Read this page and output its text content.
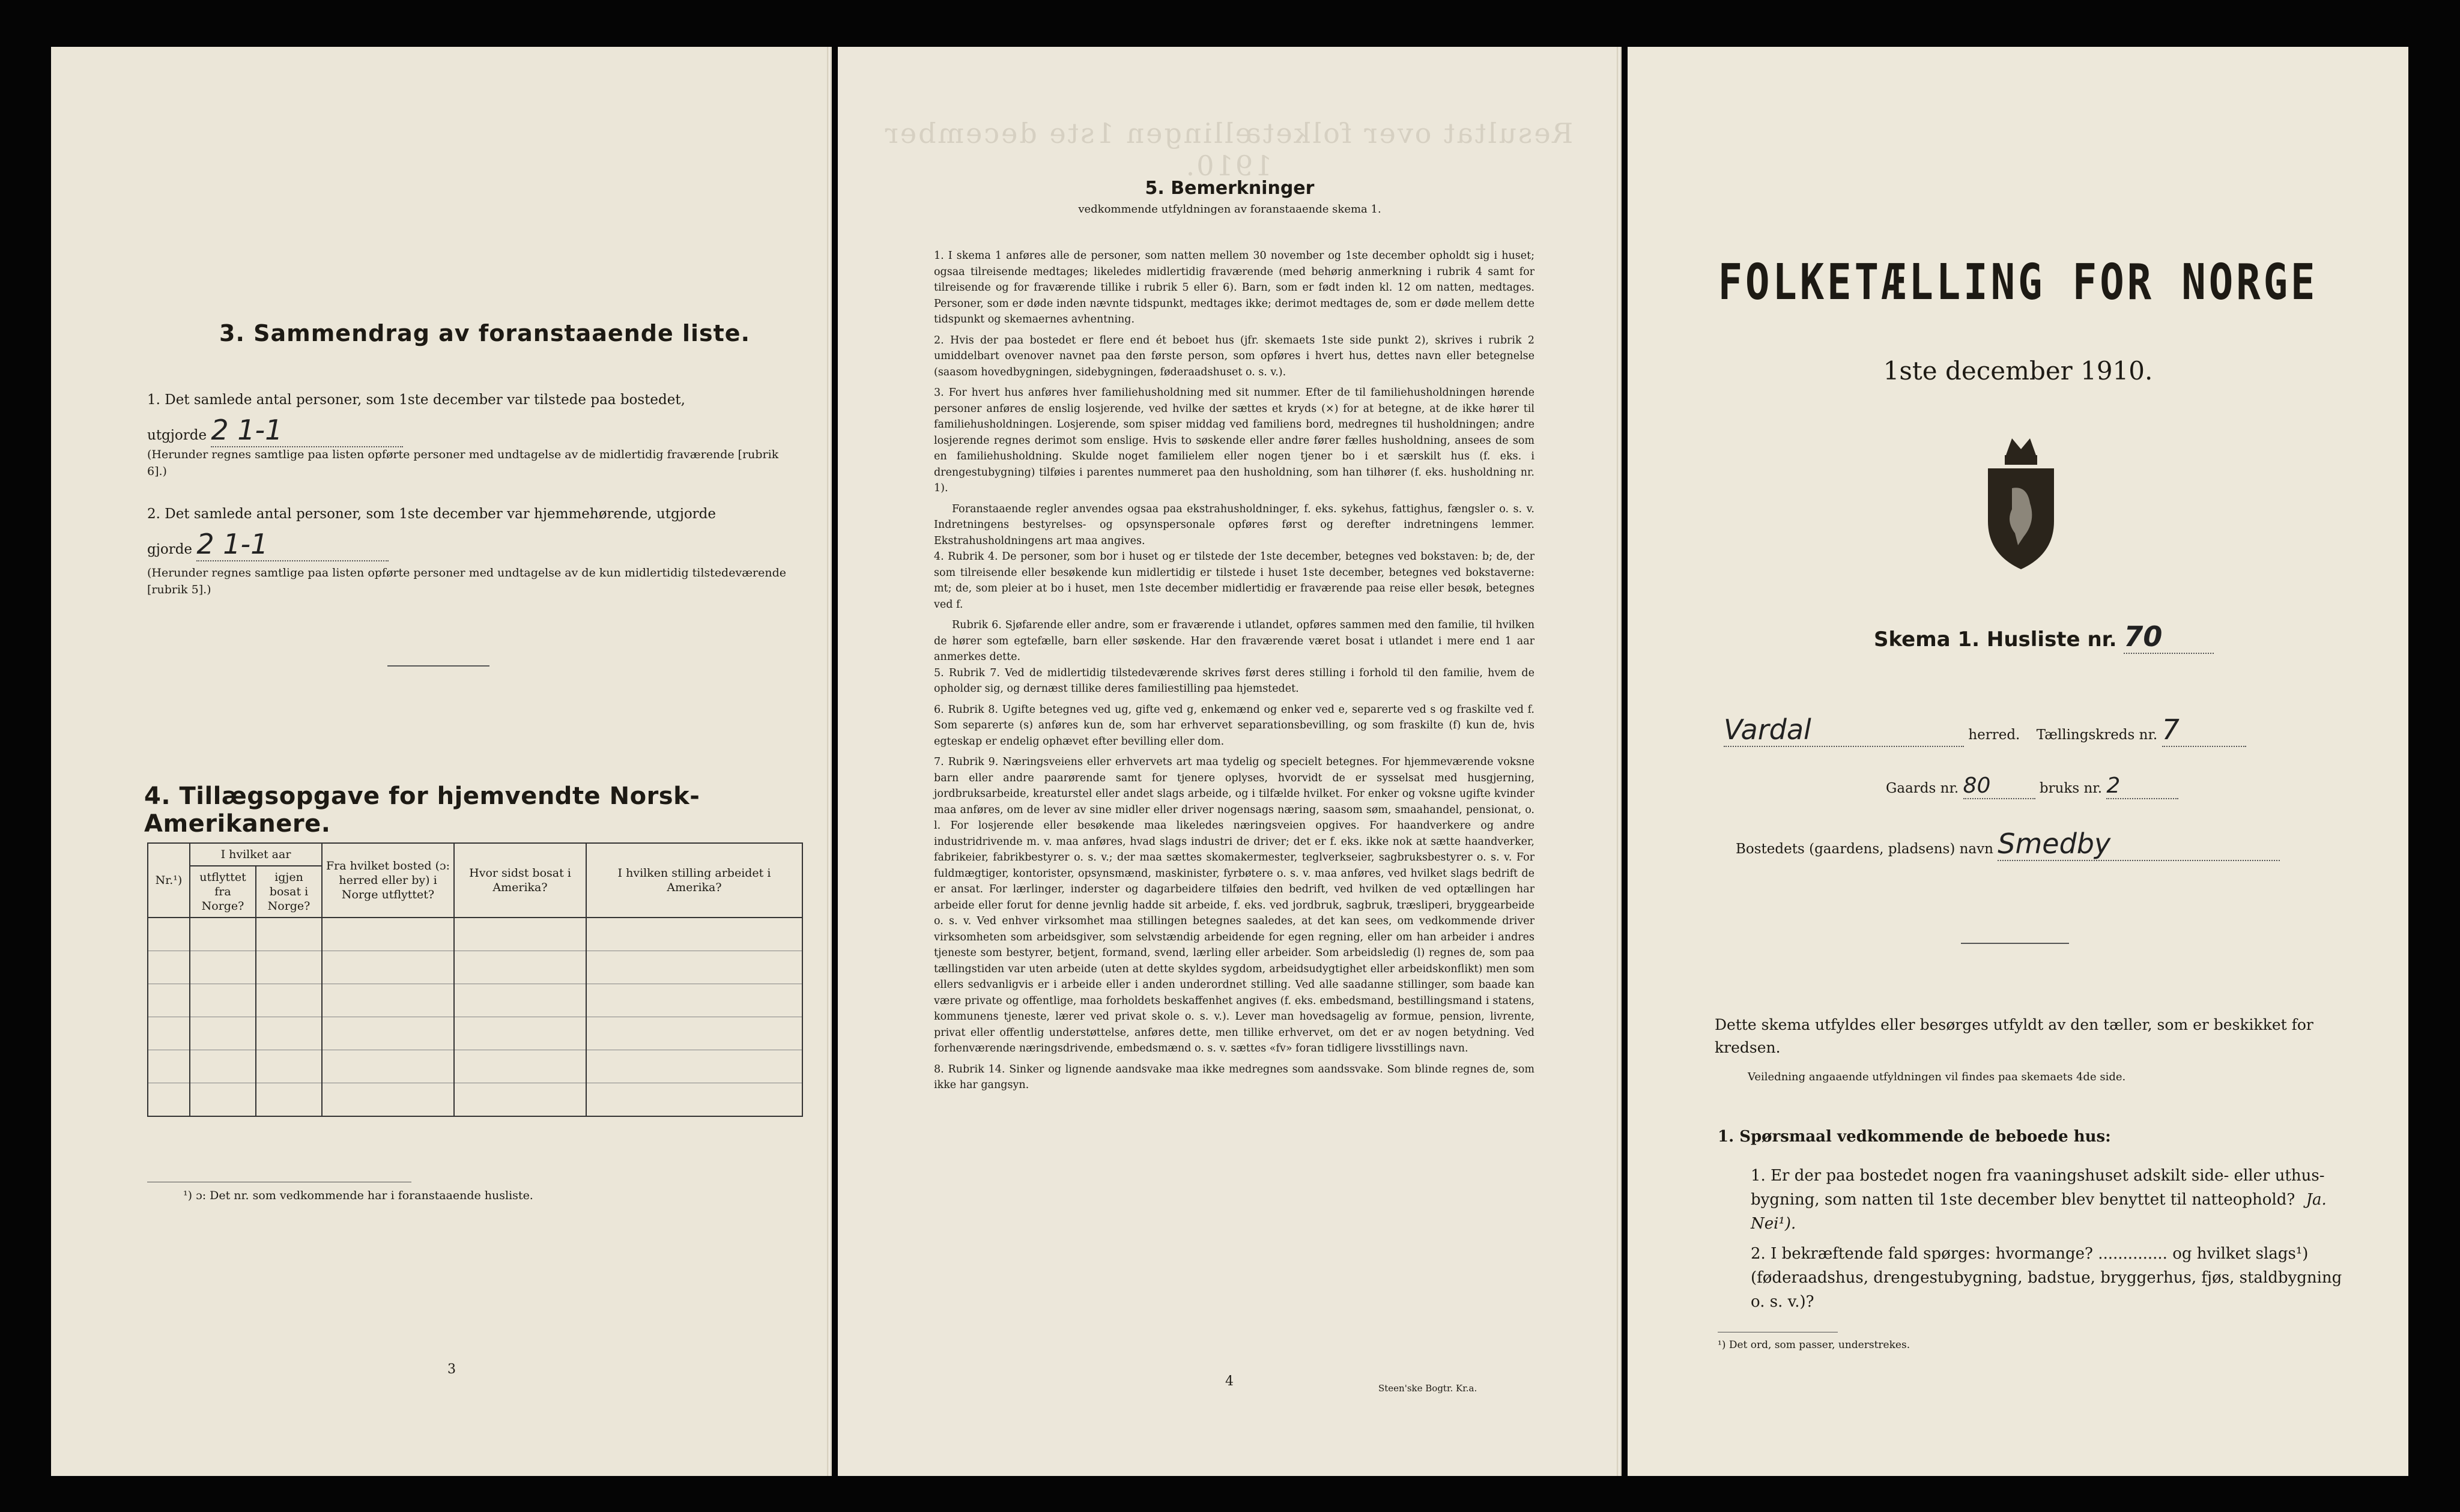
3. Sammendrag av foranstaaende liste.
1. Det samlede antal personer, som 1ste december var tilstede paa bostedet,
utgjorde 2 1-1
(Herunder regnes samtlige paa listen opførte personer med undtagelse av de midlertidig fraværende [rubrik 6].)
2. Det samlede antal personer, som 1ste december var hjemmehørende, utgjorde
gjorde 2 1-1
(Herunder regnes samtlige paa listen opførte personer med undtagelse av de kun midlertidig tilstedeværende [rubrik 5].)
4. Tillægsopgave for hjemvendte Norsk-Amerikanere.
Nr.¹)	I hvilket aar		Fra hvilket bosted (ɔ: herred eller by) i Norge utflyttet?	Hvor sidst bosat i Amerika?	I hvilken stilling arbeidet i Amerika?
	utflyttet fra Norge?	igjen bosat i Norge?			

¹) ɔ: Det nr. som vedkommende har i foranstaaende husliste.
3
5. Bemerkninger
vedkommende utfyldningen av foranstaaende skema 1.

1. I skema 1 anføres alle de personer, som natten mellem 30 november og 1ste december opholdt sig i huset; ogsaa tilreisende medtages; likeledes midlertidig fraværende (med behørig anmerkning i rubrik 4 samt for tilreisende og for fraværende tillike i rubrik 5 eller 6). Barn, som er født inden kl. 12 om natten, medtages. Personer, som er døde inden nævnte tidspunkt, medtages ikke; derimot medtages de, som er døde mellem dette tidspunkt og skemaernes avhentning.

2. Hvis der paa bostedet er flere end ét beboet hus (jfr. skemaets 1ste side punkt 2), skrives i rubrik 2 umiddelbart ovenover navnet paa den første person, som opføres i hvert hus, dettes navn eller betegnelse (saasom hovedbygningen, sidebygningen, føderaadshuset o. s. v.).

3. For hvert hus anføres hver familiehusholdning med sit nummer. Efter de til familiehusholdningen hørende personer anføres de enslig losjerende, ved hvilke der sættes et kryds (×) for at betegne, at de ikke hører til familiehusholdningen. Losjerende, som spiser middag ved familiens bord, medregnes til husholdningen; andre losjerende regnes derimot som enslige. Hvis to søskende eller andre fører fælles husholdning, ansees de som en familiehusholdning. Skulde noget familielem eller nogen tjener bo i et særskilt hus (f. eks. i drengestubygning) tilføies i parentes nummeret paa den husholdning, som han tilhører (f. eks. husholdning nr. 1).

Foranstaaende regler anvendes ogsaa paa ekstrahusholdninger, f. eks. sykehus, fattighus, fængsler o. s. v. Indretningens bestyrelses- og opsynspersonale opføres først og derefter indretningens lemmer. Ekstrahusholdningens art maa angives.

4. Rubrik 4. De personer, som bor i huset og er tilstede der 1ste december, betegnes ved bokstaven: b; de, der som tilreisende eller besøkende kun midlertidig er tilstede i huset 1ste december, betegnes ved bokstaverne: mt; de, som pleier at bo i huset, men 1ste december midlertidig er fraværende paa reise eller besøk, betegnes ved f.

Rubrik 6. Sjøfarende eller andre, som er fraværende i utlandet, opføres sammen med den familie, til hvilken de hører som egtefælle, barn eller søskende. Har den fraværende været bosat i utlandet i mere end 1 aar anmerkes dette.

5. Rubrik 7. Ved de midlertidig tilstedeværende skrives først deres stilling i forhold til den familie, hvem de opholder sig, og dernæst tillike deres familiestilling paa hjemstedet.

6. Rubrik 8. Ugifte betegnes ved ug, gifte ved g, enkemænd og enker ved e, separerte ved s og fraskilte ved f. Som separerte (s) anføres kun de, som har erhvervet separationsbevilling, og som fraskilte (f) kun de, hvis egteskap er endelig ophævet efter bevilling eller dom.

7. Rubrik 9. Næringsveiens eller erhvervets art maa tydelig og specielt betegnes. For hjemmeværende voksne barn eller andre paarørende samt for tjenere oplyses, hvorvidt de er sysselsat med husgjerning, jordbruksarbeide, kreaturstel eller andet slags arbeide, og i tilfælde hvilket. For enker og voksne ugifte kvinder maa anføres, om de lever av sine midler eller driver nogensags næring, saasom søm, smaahandel, pensionat, o. l. For losjerende eller besøkende maa likeledes næringsveien opgives. For haandverkere og andre industridrivende m. v. maa anføres, hvad slags industri de driver; det er f. eks. ikke nok at sætte haandverker, fabrikeier, fabrikbestyrer o. s. v.; der maa sættes skomakermester, teglverkseier, sagbruksbestyrer o. s. v. For fuldmægtiger, kontorister, opsynsmænd, maskinister, fyrbøtere o. s. v. maa anføres, ved hvilket slags bedrift de er ansat. For lærlinger, inderster og dagarbeidere tilføies den bedrift, ved hvilken de ved optællingen har arbeide eller forut for denne jevnlig hadde sit arbeide, f. eks. ved jordbruk, sagbruk, træsliperi, bryggearbeide o. s. v. Ved enhver virksomhet maa stillingen betegnes saaledes, at det kan sees, om vedkommende driver virksomheten som arbeidsgiver, som selvstændig arbeidende for egen regning, eller om han arbeider i andres tjeneste som bestyrer, betjent, formand, svend, lærling eller arbeider. Som arbeidsledig (l) regnes de, som paa tællingstiden var uten arbeide (uten at dette skyldes sygdom, arbeidsudygtighet eller arbeidskonflikt) men som ellers sedvanligvis er i arbeide eller i anden underordnet stilling. Ved alle saadanne stillinger, som baade kan være private og offentlige, maa forholdets beskaffenhet angives (f. eks. embedsmand, bestillingsmand i statens, kommunens tjeneste, lærer ved privat skole o. s. v.). Lever man hovedsagelig av formue, pension, livrente, privat eller offentlig understøttelse, anføres dette, men tillike erhvervet, om det er av nogen betydning. Ved forhenværende næringsdrivende, embedsmænd o. s. v. sættes «fv» foran tidligere livsstillings navn.

8. Rubrik 14. Sinker og lignende aandsvake maa ikke medregnes som aandssvake. Som blinde regnes de, som ikke har gangsyn.

4	Steen'ske Bogtr. Kr.a.
Resultat over folketællingen 1ste december 1910.
FOLKETÆLLING FOR NORGE
1ste december 1910.
Skema 1. Husliste nr. 70
Vardal	herred. Tællingskreds nr. 7
Gaards nr. 80	bruks nr. 2
Bostedets (gaardens, pladsens) navn Smedby
Dette skema utfyldes eller besørges utfyldt av den tæller, som er beskikket for kredsen.
Veiledning angaaende utfyldningen vil findes paa skemaets 4de side.
1. Spørsmaal vedkommende de beboede hus:
1. Er der paa bostedet nogen fra vaaningshuset adskilt side- eller uthus-bygning, som natten til 1ste december blev benyttet til natteophold? Ja. Nei¹).
2. I bekræftende fald spørges: hvormange? .............. og hvilket slags¹) (føderaadshus, drengestubygning, badstue, bryggerhus, fjøs, staldbygning o. s. v.)?
¹) Det ord, som passer, understrekes.
